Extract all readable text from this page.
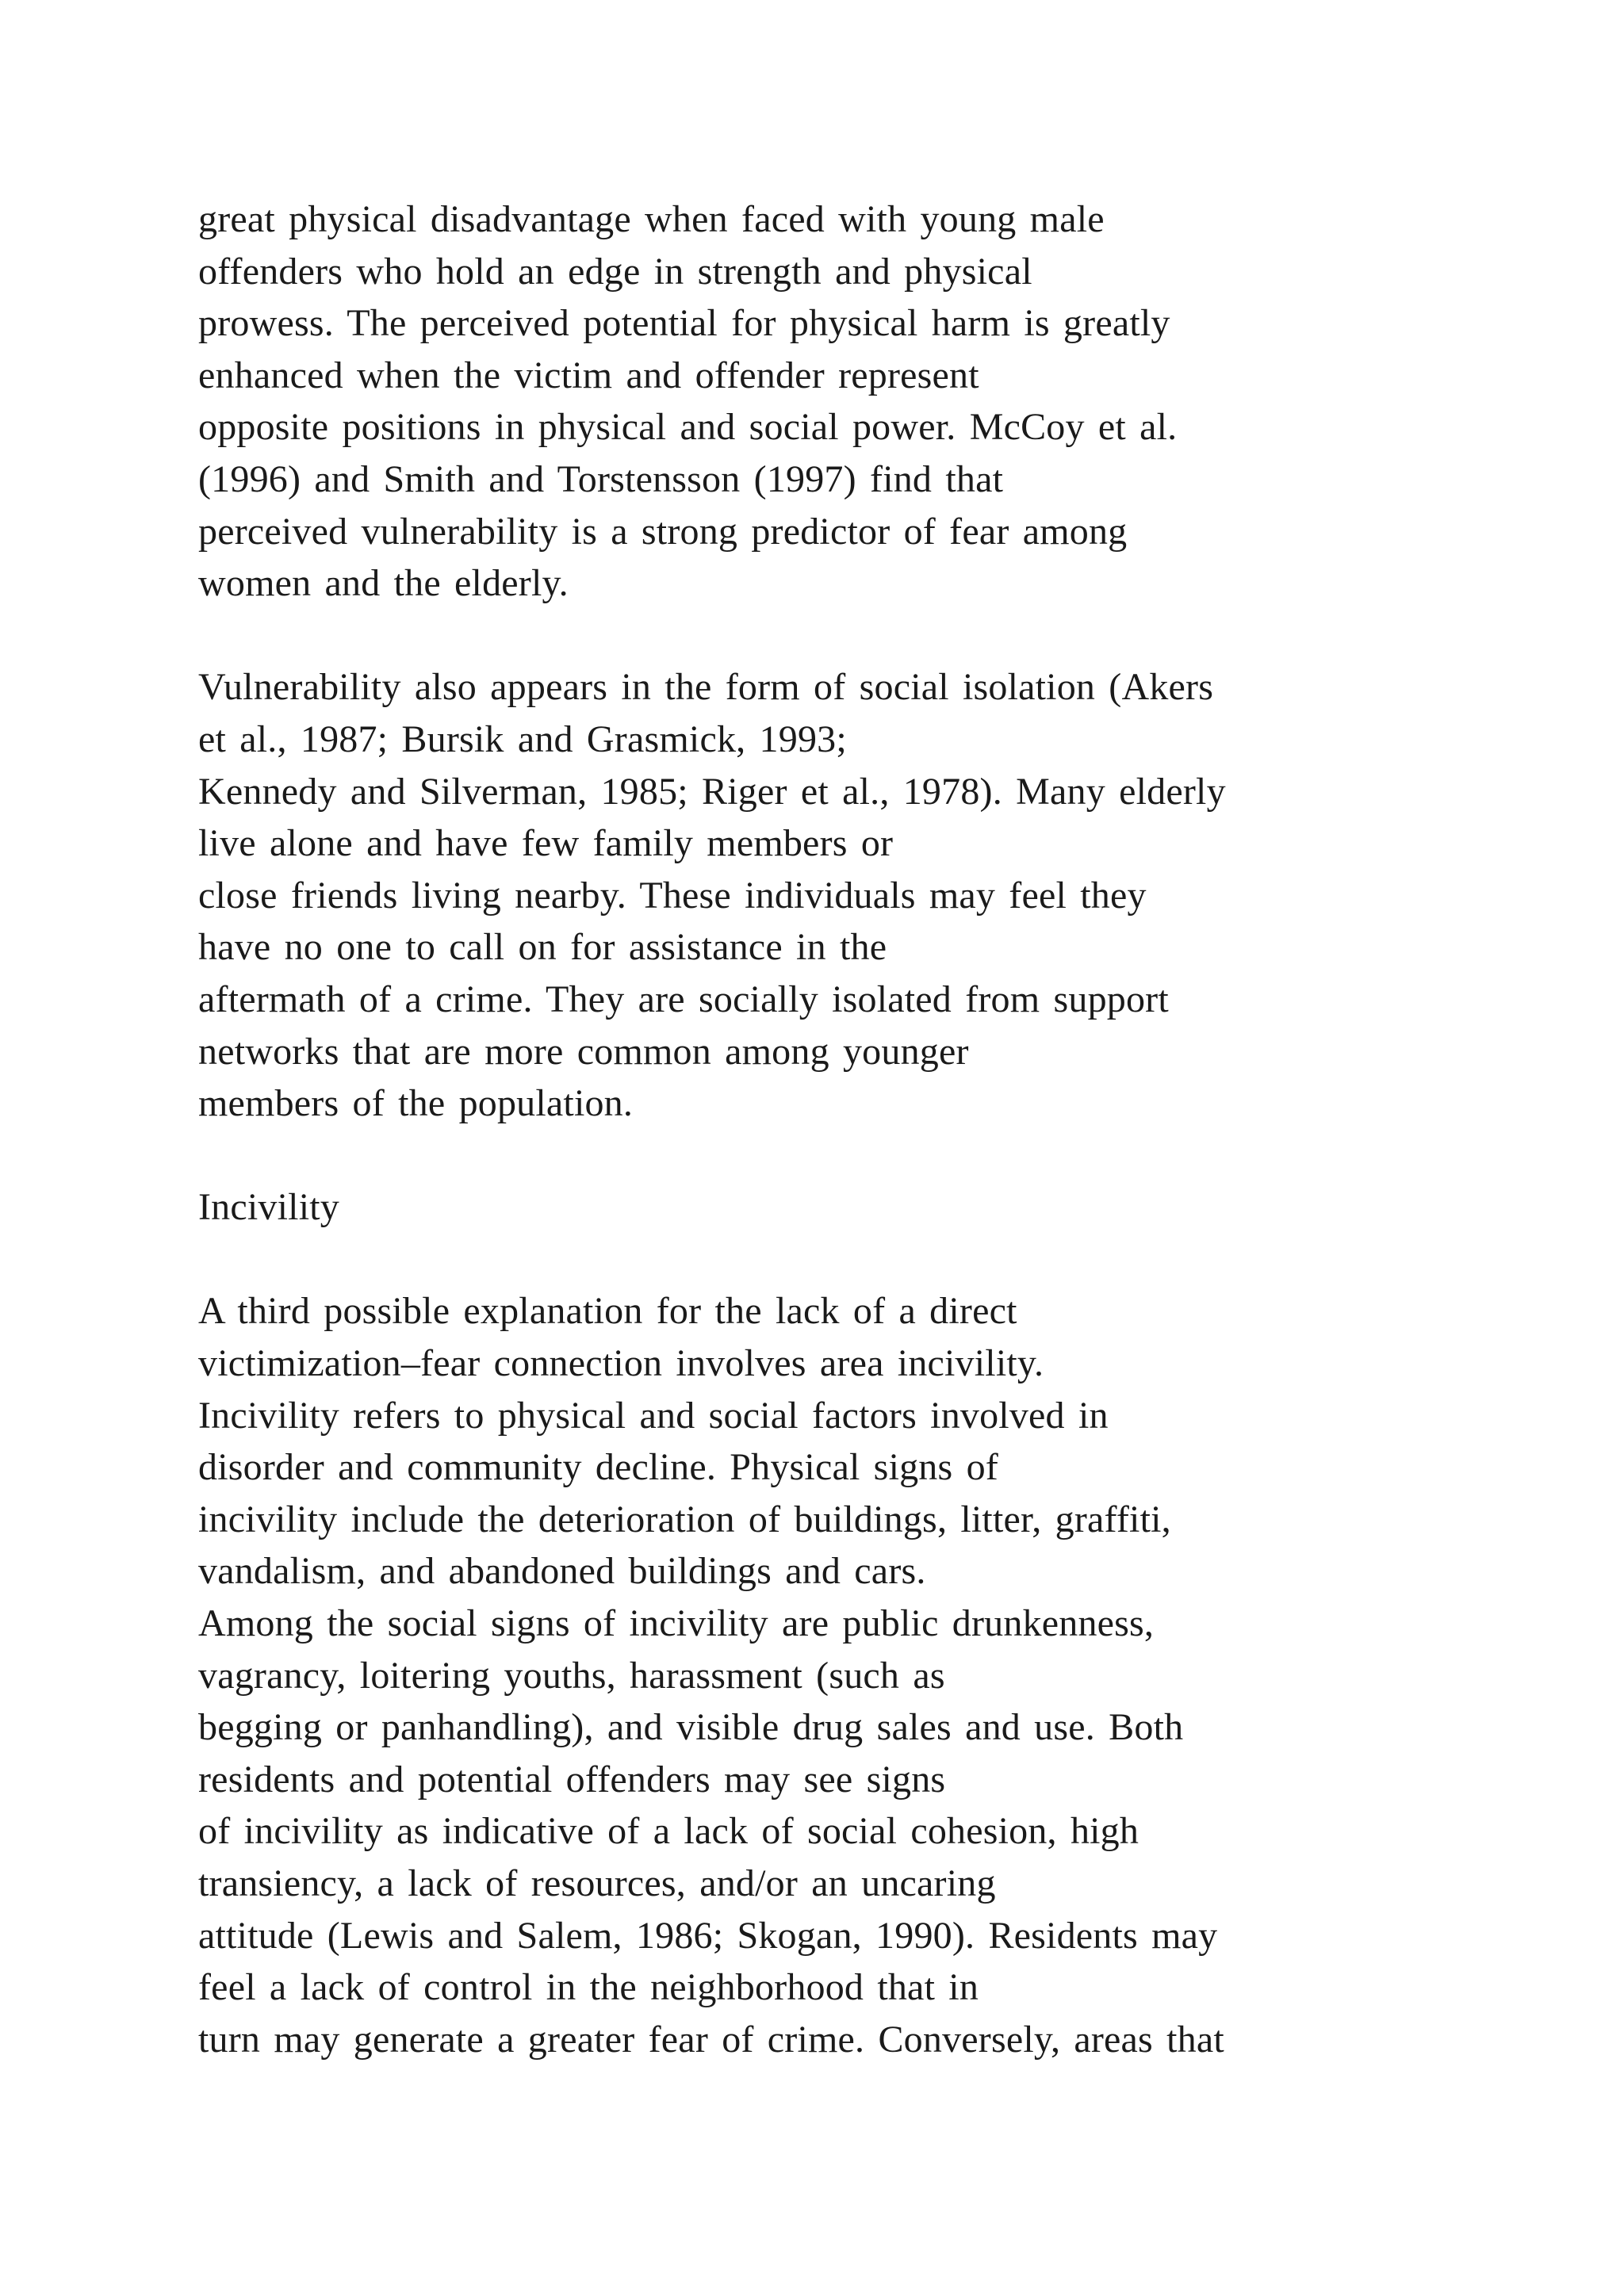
great physical disadvantage when faced with young male
offenders who hold an edge in strength and physical
prowess. The perceived potential for physical harm is greatly
enhanced when the victim and offender represent
opposite positions in physical and social power. McCoy et al.
(1996) and Smith and Torstensson (1997) find that
perceived vulnerability is a strong predictor of fear among
women and the elderly.
Vulnerability also appears in the form of social isolation (Akers
et al., 1987; Bursik and Grasmick, 1993;
Kennedy and Silverman, 1985; Riger et al., 1978). Many elderly
live alone and have few family members or
close friends living nearby. These individuals may feel they
have no one to call on for assistance in the
aftermath of a crime. They are socially isolated from support
networks that are more common among younger
members of the population.
Incivility
A third possible explanation for the lack of a direct
victimization–fear connection involves area incivility.
Incivility refers to physical and social factors involved in
disorder and community decline. Physical signs of
incivility include the deterioration of buildings, litter, graffiti,
vandalism, and abandoned buildings and cars.
Among the social signs of incivility are public drunkenness,
vagrancy, loitering youths, harassment (such as
begging or panhandling), and visible drug sales and use. Both
residents and potential offenders may see signs
of incivility as indicative of a lack of social cohesion, high
transiency, a lack of resources, and/or an uncaring
attitude (Lewis and Salem, 1986; Skogan, 1990). Residents may
feel a lack of control in the neighborhood that in
turn may generate a greater fear of crime. Conversely, areas that
